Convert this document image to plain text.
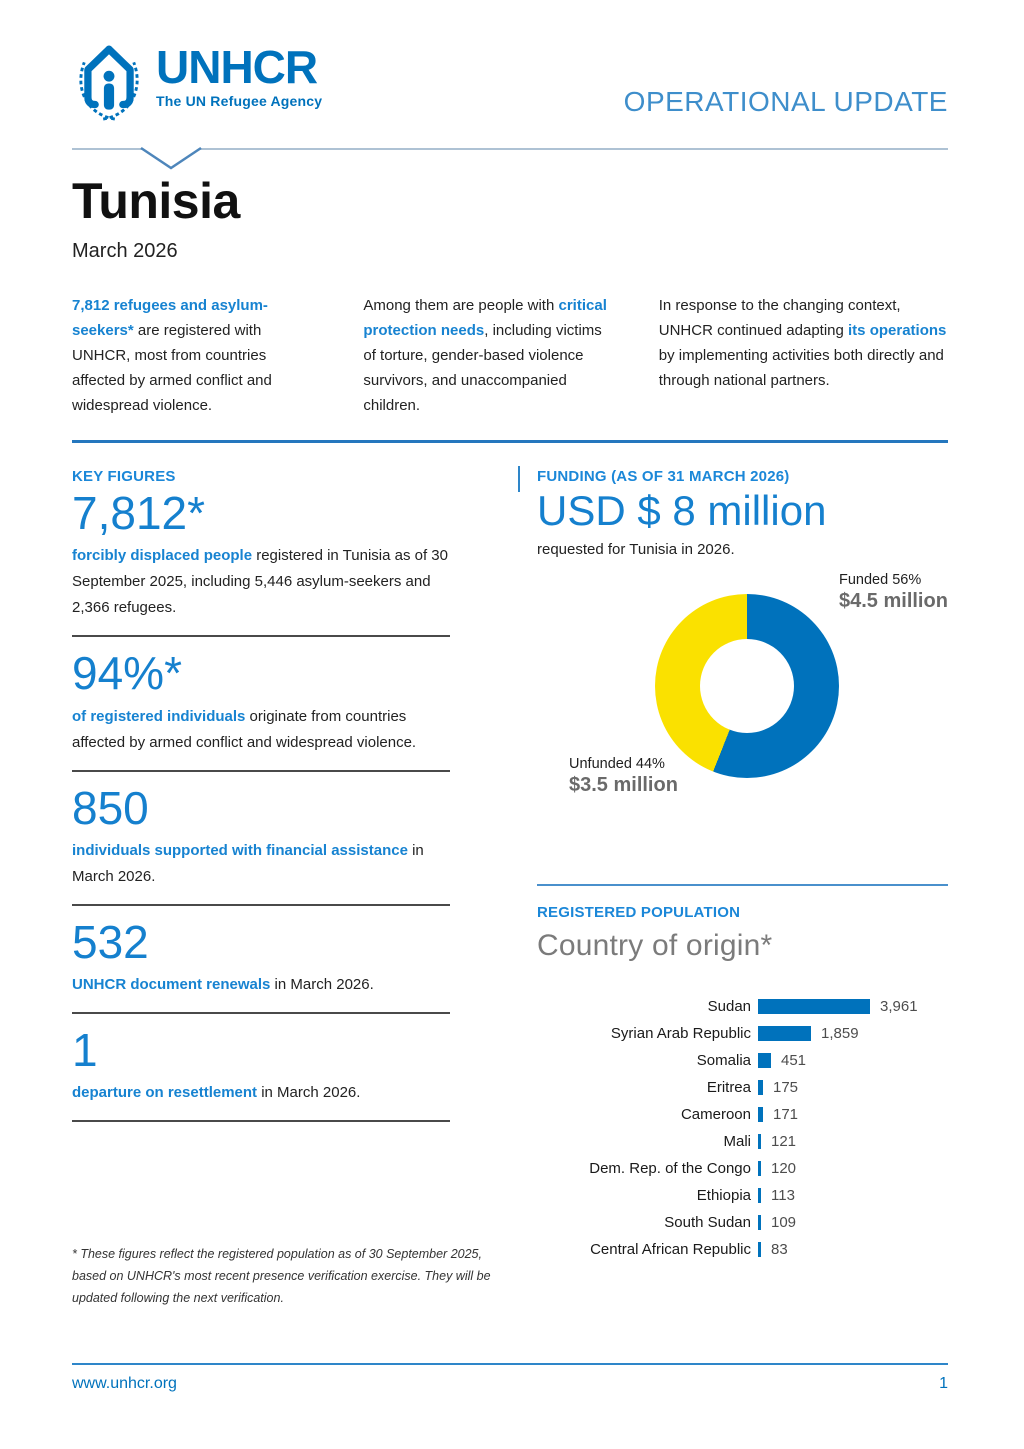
UNHCR
The UN Refugee Agency	OPERATIONAL UPDATE
Tunisia
March 2026

7,812 refugees and asylum-seekers* are registered with UNHCR, most from countries affected by armed conflict and widespread violence.

Among them are people with critical protection needs, including victims of torture, gender-based violence survivors, and unaccompanied children.

In response to the changing context, UNHCR continued adapting its operations by implementing activities both directly and through national partners.

KEY FIGURES
7,812*

forcibly displaced people registered in Tunisia as of 30 September 2025, including 5,446 asylum-seekers and 2,366 refugees.

94%*

of registered individuals originate from countries affected by armed conflict and widespread violence.

850

individuals supported with financial assistance in March 2026.

532

UNHCR document renewals in March 2026.

1

departure on resettlement in March 2026.

* These figures reflect the registered population as of 30 September 2025, based on UNHCR's most recent presence verification exercise. They will be updated following the next verification.

FUNDING (AS OF 31 MARCH 2026)
USD $ 8 million
requested for Tunisia in 2026.
Funded 56%
$4.5 million
Unfunded 44%
$3.5 million
REGISTERED POPULATION
Country of origin*
Sudan	3,961
Syrian Arab Republic	1,859
Somalia	451
Eritrea	175
Cameroon	171
Mali	121
Dem. Rep. of the Congo	120
Ethiopia	113
South Sudan	109
Central African Republic	83
www.unhcr.org	1
